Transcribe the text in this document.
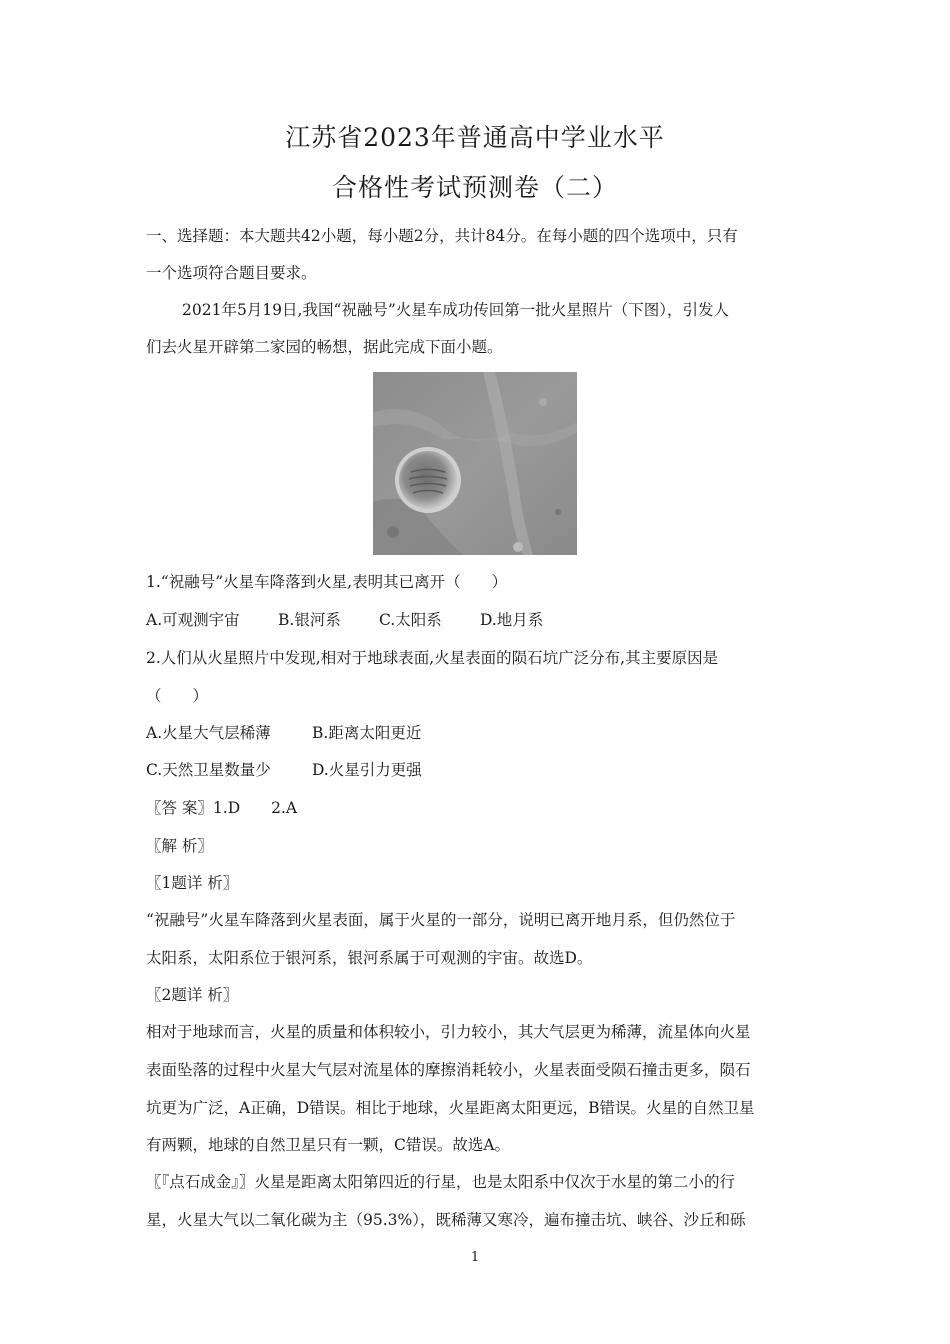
江苏省2023年普通高中学业水平
合格性考试预测卷（二）
一、选择题：本大题共42小题，每小题2分，共计84分。在每小题的四个选项中，只有
一个选项符合题目要求。
2021年5月19日,我国“祝融号”火星车成功传回第一批火星照片（下图），引发人
们去火星开辟第二家园的畅想，据此完成下面小题。
1.“祝融号”火星车降落到火星,表明其已离开（　　）
A.可观测宇宙 B.银河系 C.太阳系 D.地月系
2.人们从火星照片中发现,相对于地球表面,火星表面的陨石坑广泛分布,其主要原因是
（　　）
A.火星大气层稀薄	B.距离太阳更近
C.天然卫星数量少	D.火星引力更强
〖答 案〗1.D　　2.A
〖解 析〗
〖1题详 析〗
“祝融号”火星车降落到火星表面，属于火星的一部分，说明已离开地月系，但仍然位于
太阳系，太阳系位于银河系，银河系属于可观测的宇宙。故选D。
〖2题详 析〗
相对于地球而言，火星的质量和体积较小，引力较小，其大气层更为稀薄，流星体向火星
表面坠落的过程中火星大气层对流星体的摩擦消耗较小，火星表面受陨石撞击更多，陨石
坑更为广泛，A正确，D错误。相比于地球，火星距离太阳更远，B错误。火星的自然卫星
有两颗，地球的自然卫星只有一颗，C错误。故选A。
〖『点石成金』〗火星是距离太阳第四近的行星，也是太阳系中仅次于水星的第二小的行
星，火星大气以二氧化碳为主（95.3%），既稀薄又寒冷，遍布撞击坑、峡谷、沙丘和砾
1
